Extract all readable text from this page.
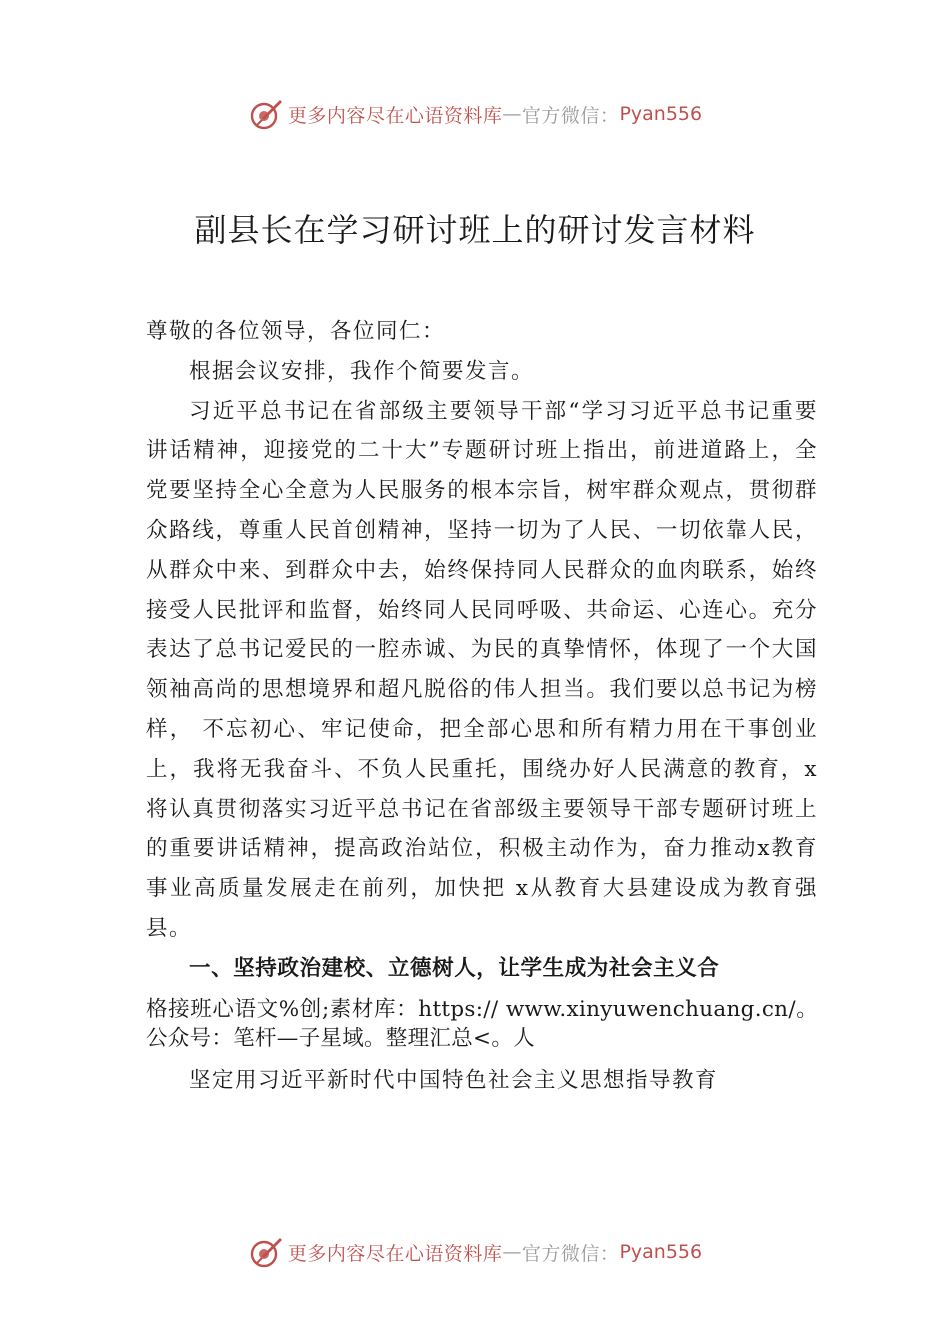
更多内容尽在心语资料库 — 官方微信： Pyan556
副县长在学习研讨班上的研讨发言材料

尊敬的各位领导，各位同仁：

根据会议安排，我作个简要发言。

习近平总书记在省部级主要领导干部“学习习近平总书记重要讲话精神，迎接党的二十大”专题研讨班上指出，前进道路上，全党要坚持全心全意为人民服务的根本宗旨，树牢群众观点，贯彻群众路线，尊重人民首创精神，坚持一切为了人民、一切依靠人民，从群众中来、到群众中去，始终保持同人民群众的血肉联系，始终接受人民批评和监督，始终同人民同呼吸、共命运、心连心。充分表达了总书记爱民的一腔赤诚、为民的真挚情怀，体现了一个大国领袖高尚的思想境界和超凡脱俗的伟人担当。我们要以总书记为榜样， 不忘初心、牢记使命，把全部心思和所有精力用在干事创业上，我将无我奋斗、不负人民重托，围绕办好人民满意的教育，x将认真贯彻落实习近平总书记在省部级主要领导干部专题研讨班上的重要讲话精神，提高政治站位，积极主动作为，奋力推动x教育事业高质量发展走在前列，加快把 x从教育大县建设成为教育强县。

一、坚持政治建校、立德树人，让学生成为社会主义合

格接班心语文%创;素材库：https:// www.xinyuwenchuang.cn/。公众号：笔杆—子星域。整理汇总<。人

坚定用习近平新时代中国特色社会主义思想指导教育

更多内容尽在心语资料库 — 官方微信： Pyan556
